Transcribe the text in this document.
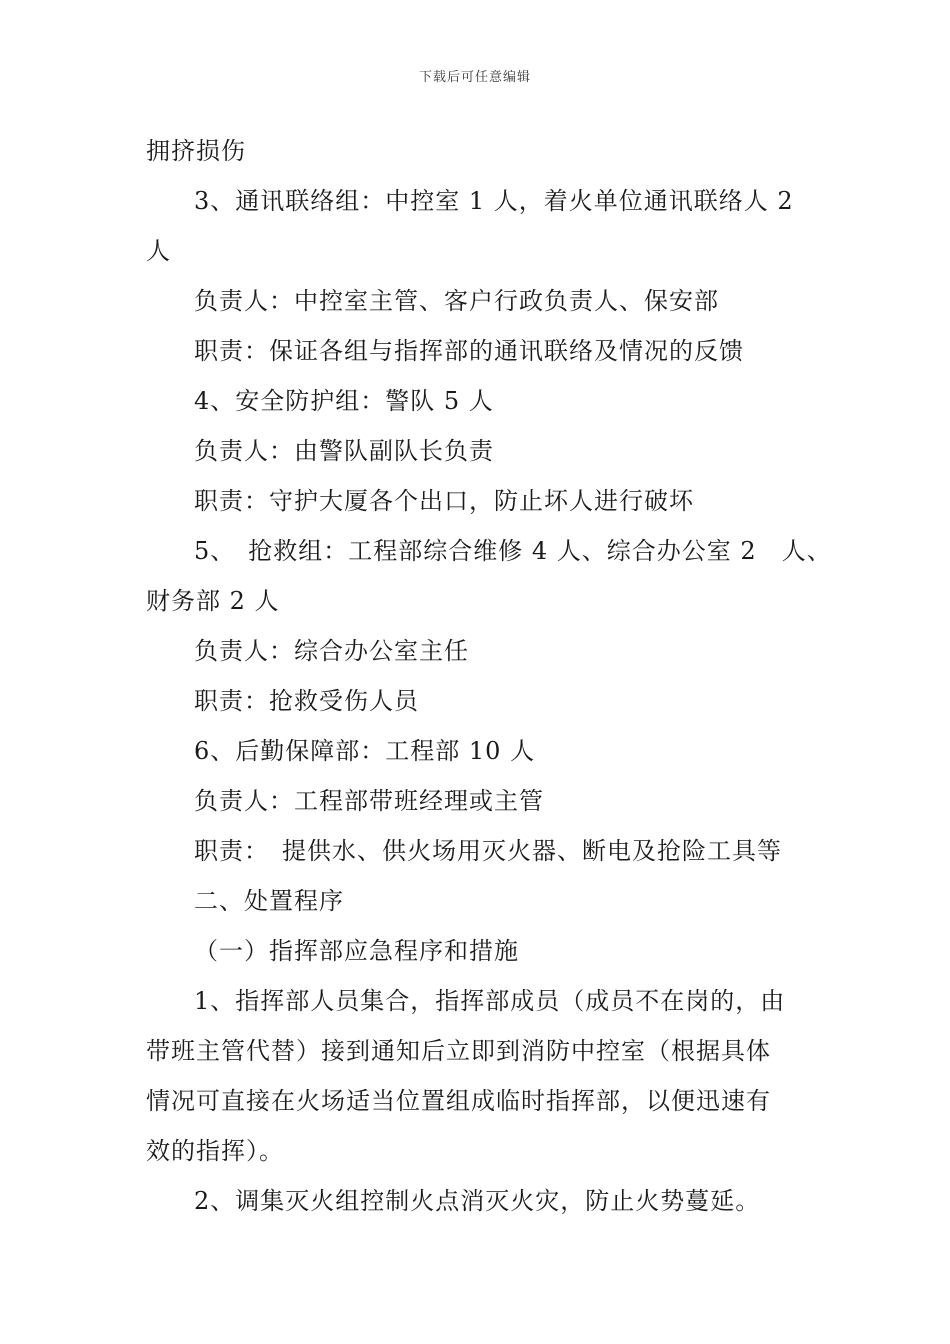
下载后可任意编辑
拥挤损伤
3、通讯联络组：中控室 1 人，着火单位通讯联络人 2
人
负责人：中控室主管、客户行政负责人、保安部
职责：保证各组与指挥部的通讯联络及情况的反馈
4、安全防护组：警队 5 人
负责人：由警队副队长负责
职责：守护大厦各个出口，防止坏人进行破坏
5、　抢救组：工程部综合维修 4 人、综合办公室 2　人、
财务部 2 人
负责人：综合办公室主任
职责：抢救受伤人员
6、后勤保障部：工程部 10 人
负责人：工程部带班经理或主管
职责：　提供水、供火场用灭火器、断电及抢险工具等
二、处置程序
（一）指挥部应急程序和措施
1、指挥部人员集合，指挥部成员（成员不在岗的，由
带班主管代替）接到通知后立即到消防中控室（根据具体
情况可直接在火场适当位置组成临时指挥部，以便迅速有
效的指挥）。
2、调集灭火组控制火点消灭火灾，防止火势蔓延。
